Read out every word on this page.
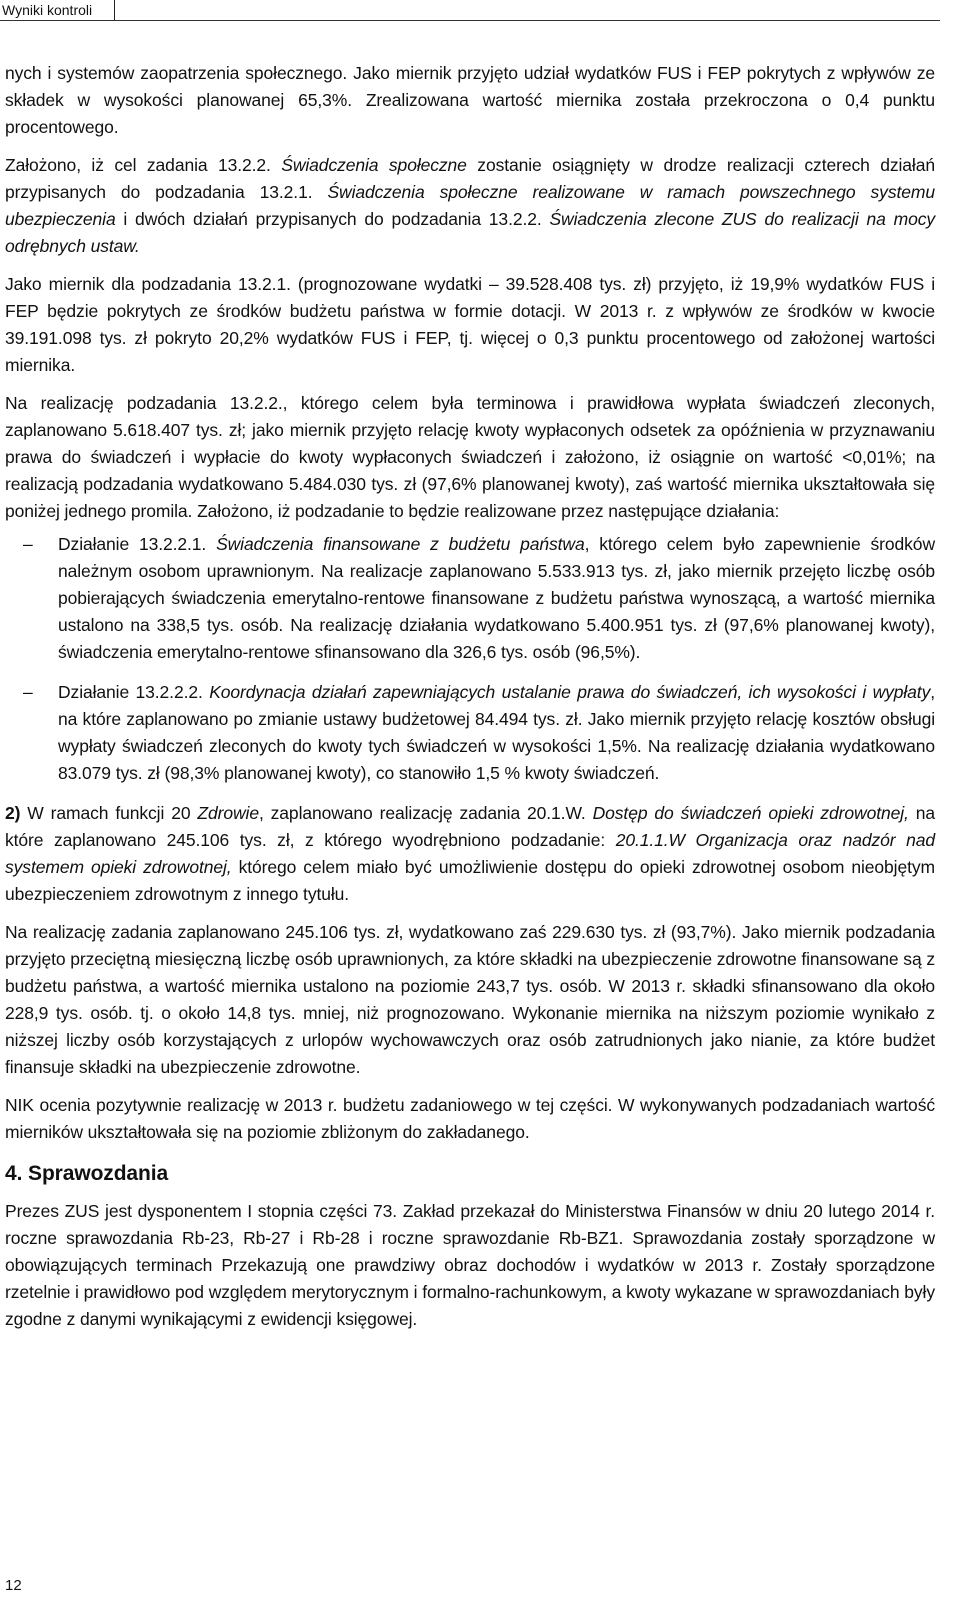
Wyniki kontroli

nych i systemów zaopatrzenia społecznego. Jako miernik przyjęto udział wydatków FUS i FEP pokrytych z wpływów ze składek w wysokości planowanej 65,3%. Zrealizowana wartość miernika została przekroczona o 0,4 punktu procentowego.

Założono, iż cel zadania 13.2.2. Świadczenia społeczne zostanie osiągnięty w drodze realizacji czterech działań przypisanych do podzadania 13.2.1. Świadczenia społeczne realizowane w ramach powszechnego systemu ubezpieczenia i dwóch działań przypisanych do podzadania 13.2.2. Świadczenia zlecone ZUS do realizacji na mocy odrębnych ustaw.

Jako miernik dla podzadania 13.2.1. (prognozowane wydatki – 39.528.408 tys. zł) przyjęto, iż 19,9% wydatków FUS i FEP będzie pokrytych ze środków budżetu państwa w formie dotacji. W 2013 r. z wpływów ze środków w kwocie 39.191.098 tys. zł pokryto 20,2% wydatków FUS i FEP, tj. więcej o 0,3 punktu procentowego od założonej wartości miernika.

Na realizację podzadania 13.2.2., którego celem była terminowa i prawidłowa wypłata świadczeń zleconych, zaplanowano 5.618.407 tys. zł; jako miernik przyjęto relację kwoty wypłaconych odsetek za opóźnienia w przyznawaniu prawa do świadczeń i wypłacie do kwoty wypłaconych świadczeń i założono, iż osiągnie on wartość <0,01%; na realizacją podzadania wydatkowano 5.484.030 tys. zł (97,6% planowanej kwoty), zaś wartość miernika ukształtowała się poniżej jednego promila. Założono, iż podzadanie to będzie realizowane przez następujące działania:

–	Działanie 13.2.2.1. Świadczenia finansowane z budżetu państwa, którego celem było zapewnienie środków należnym osobom uprawnionym. Na realizacje zaplanowano 5.533.913 tys. zł, jako miernik przejęto liczbę osób pobierających świadczenia emerytalno-rentowe finansowane z budżetu państwa wynoszącą, a wartość miernika ustalono na 338,5 tys. osób. Na realizację działania wydatkowano 5.400.951 tys. zł (97,6% planowanej kwoty), świadczenia emerytalno-rentowe sfinansowano dla 326,6 tys. osób (96,5%).
–	Działanie 13.2.2.2. Koordynacja działań zapewniających ustalanie prawa do świadczeń, ich wysokości i wypłaty, na które zaplanowano po zmianie ustawy budżetowej 84.494 tys. zł. Jako miernik przyjęto relację kosztów obsługi wypłaty świadczeń zleconych do kwoty tych świadczeń w wysokości 1,5%. Na realizację działania wydatkowano 83.079 tys. zł (98,3% planowanej kwoty), co stanowiło 1,5 % kwoty świadczeń.

2) W ramach funkcji 20 Zdrowie, zaplanowano realizację zadania 20.1.W. Dostęp do świadczeń opieki zdrowotnej, na które zaplanowano 245.106 tys. zł, z którego wyodrębniono podzadanie: 20.1.1.W Organizacja oraz nadzór nad systemem opieki zdrowotnej, którego celem miało być umożliwienie dostępu do opieki zdrowotnej osobom nieobjętym ubezpieczeniem zdrowotnym z innego tytułu.

Na realizację zadania zaplanowano 245.106 tys. zł, wydatkowano zaś 229.630 tys. zł (93,7%). Jako miernik podzadania przyjęto przeciętną miesięczną liczbę osób uprawnionych, za które składki na ubezpieczenie zdrowotne finansowane są z budżetu państwa, a wartość miernika ustalono na poziomie 243,7 tys. osób. W 2013 r. składki sfinansowano dla około 228,9 tys. osób. tj. o około 14,8 tys. mniej, niż prognozowano. Wykonanie miernika na niższym poziomie wynikało z niższej liczby osób korzystających z urlopów wychowawczych oraz osób zatrudnionych jako nianie, za które budżet finansuje składki na ubezpieczenie zdrowotne.

NIK ocenia pozytywnie realizację w 2013 r. budżetu zadaniowego w tej części. W wykonywanych podzadaniach wartość mierników ukształtowała się na poziomie zbliżonym do zakładanego.

4. Sprawozdania

Prezes ZUS jest dysponentem I stopnia części 73. Zakład przekazał do Ministerstwa Finansów w dniu 20 lutego 2014 r. roczne sprawozdania Rb-23, Rb-27 i Rb-28 i roczne sprawozdanie Rb-BZ1. Sprawozdania zostały sporządzone w obowiązujących terminach Przekazują one prawdziwy obraz dochodów i wydatków w 2013 r. Zostały sporządzone rzetelnie i prawidłowo pod względem merytorycznym i formalno-rachunkowym, a kwoty wykazane w sprawozdaniach były zgodne z danymi wynikającymi z ewidencji księgowej.

12
